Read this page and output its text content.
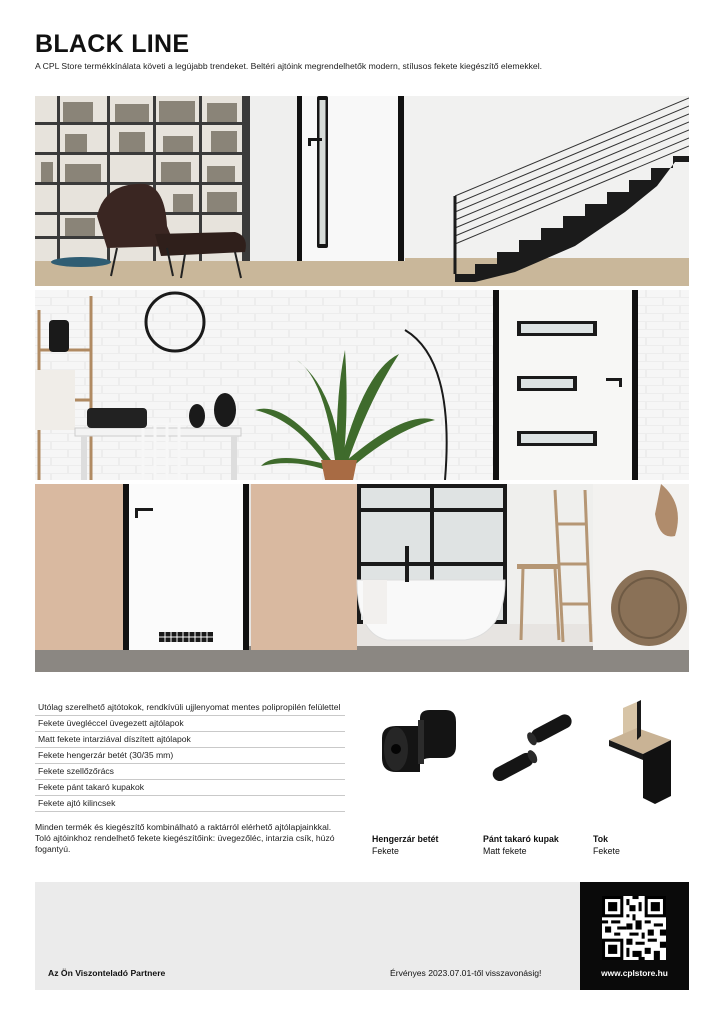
BLACK LINE
A CPL Store termékkínálata követi a legújabb trendeket. Beltéri ajtóink megrendelhetők modern, stílusos fekete kiegészítő elemekkel.
Utólag szerelhető ajtótokok, rendkívüli ujjlenyomat mentes polipropilén felülettel
Fekete üvegléccel üvegezett ajtólapok
Matt fekete intarziával díszített ajtólapok
Fekete hengerzár betét (30/35 mm)
Fekete szellőzőrács
Fekete pánt takaró kupakok
Fekete ajtó kilincsek
Minden termék és kiegészítő kombinálható a raktárról elérhető ajtólapjainkkal. Toló ajtóinkhoz rendelhető fekete kiegészítőink: üvegezőléc, intarzia csík, húzó fogantyú.
Hengerzár betét
Fekete
Pánt takaró kupak
Matt fekete
Tok
Fekete
Az Ön Viszonteladó Partnere	Érvényes 2023.07.01-től visszavonásig!	www.cplstore.hu
